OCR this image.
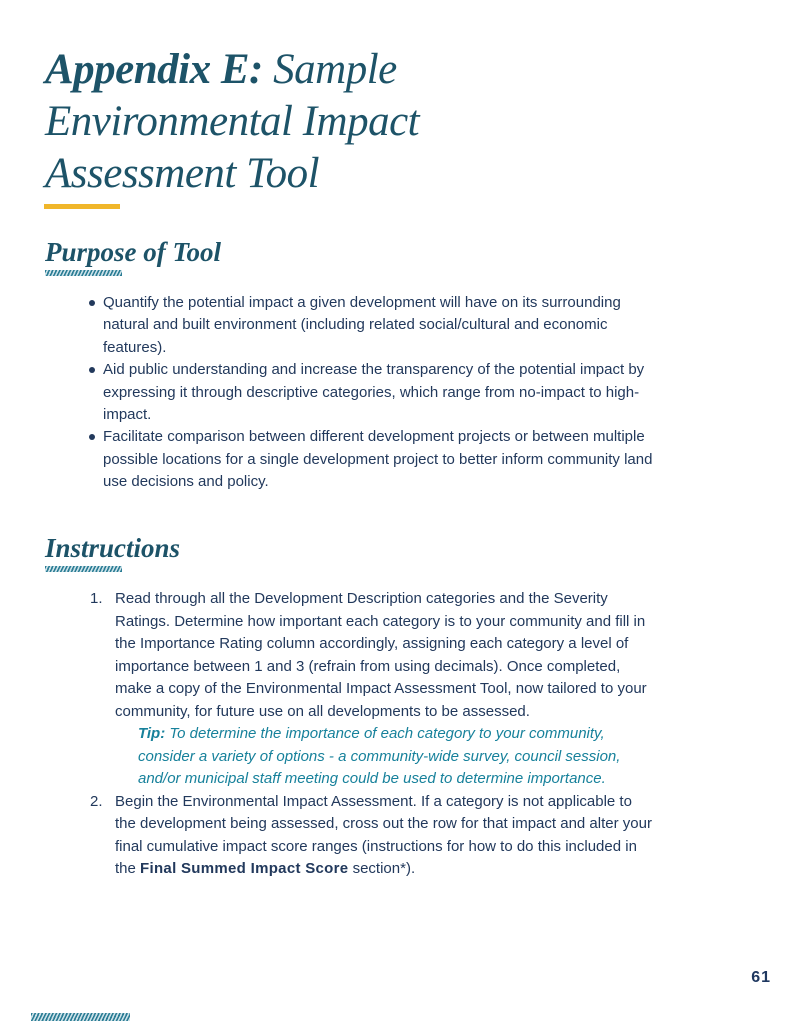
Appendix E: Sample
Environmental Impact
Assessment Tool
Purpose of Tool
Quantify the potential impact a given development will have on its surrounding natural and built environment (including related social/cultural and economic features).
Aid public understanding and increase the transparency of the potential impact by expressing it through descriptive categories, which range from no-impact to high-impact.
Facilitate comparison between different development projects or between multiple possible locations for a single development project to better inform community land use decisions and policy.
Instructions
1. Read through all the Development Description categories and the Severity Ratings. Determine how important each category is to your community and fill in the Importance Rating column accordingly, assigning each category a level of importance between 1 and 3 (refrain from using decimals). Once completed, make a copy of the Environmental Impact Assessment Tool, now tailored to your community, for future use on all developments to be assessed.
Tip: To determine the importance of each category to your community, consider a variety of options - a community-wide survey, council session, and/or municipal staff meeting could be used to determine importance.
2. Begin the Environmental Impact Assessment. If a category is not applicable to the development being assessed, cross out the row for that impact and alter your final cumulative impact score ranges (instructions for how to do this included in the Final Summed Impact Score section*).
61
